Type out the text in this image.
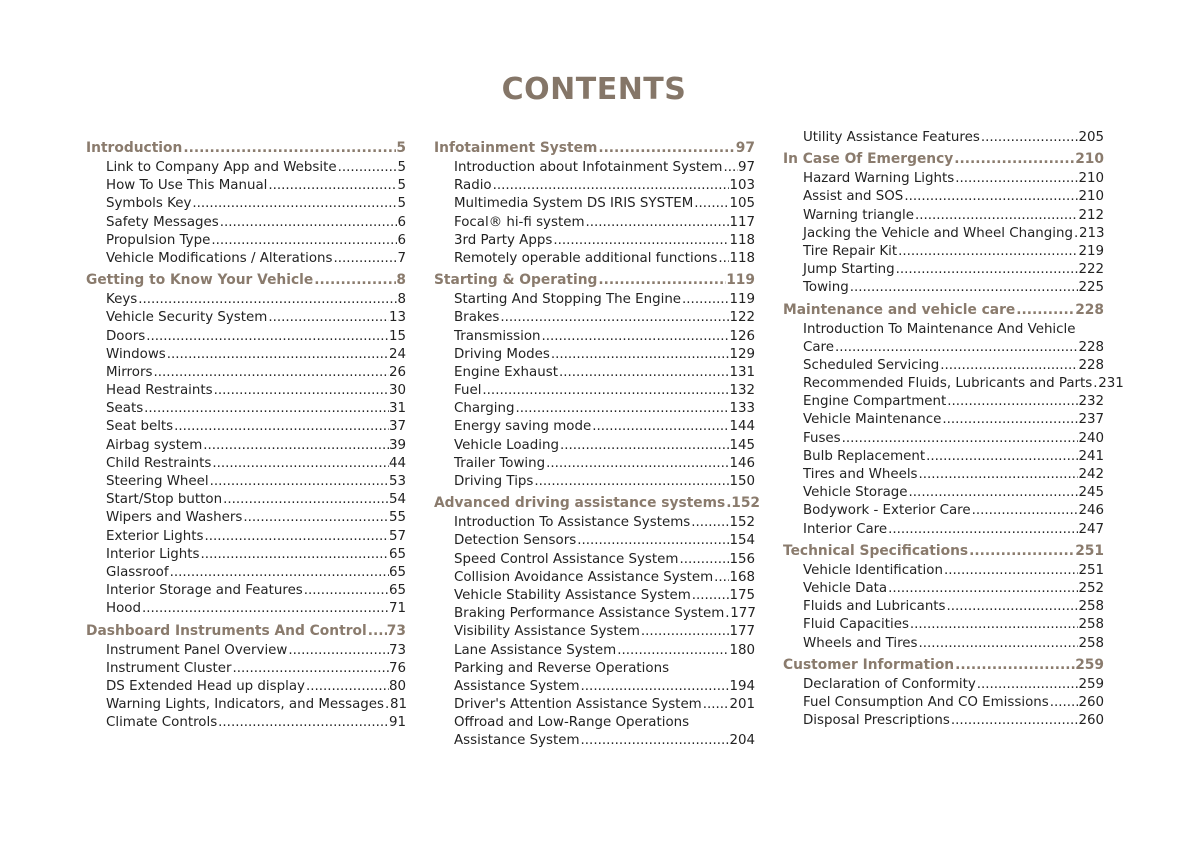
CONTENTS
Introduction .....	5
Link to Company App and Website .....	5
How To Use This Manual .....	5
Symbols Key .....	5
Safety Messages .....	6
Propulsion Type .....	6
Vehicle Modifications / Alterations .....	7
Getting to Know Your Vehicle .....	8
Keys .....	8
Vehicle Security System .....	13
Doors .....	15
Windows .....	24
Mirrors .....	26
Head Restraints .....	30
Seats .....	31
Seat belts .....	37
Airbag system .....	39
Child Restraints .....	44
Steering Wheel .....	53
Start/Stop button .....	54
Wipers and Washers .....	55
Exterior Lights .....	57
Interior Lights .....	65
Glassroof .....	65
Interior Storage and Features .....	65
Hood .....	71
Dashboard Instruments And Control ..... 73
Instrument Panel Overview .....	73
Instrument Cluster .....	76
DS Extended Head up display .....	80
Warning Lights, Indicators, and Messages ..... 81
Climate Controls .....	91
Infotainment System .....	97
Introduction about Infotainment System ..... 97
Radio .....	103
Multimedia System DS IRIS SYSTEM .....	105
Focal® hi-fi system .....	117
3rd Party Apps .....	118
Remotely operable additional functions ..... 118
Starting & Operating .....	119
Starting And Stopping The Engine .....	119
Brakes .....	122
Transmission .....	126
Driving Modes .....	129
Engine Exhaust .....	131
Fuel .....	132
Charging .....	133
Energy saving mode .....	144
Vehicle Loading .....	145
Trailer Towing .....	146
Driving Tips .....	150
Advanced driving assistance systems ..... 152
Introduction To Assistance Systems .....	152
Detection Sensors .....	154
Speed Control Assistance System .....	156
Collision Avoidance Assistance System ..... 168
Vehicle Stability Assistance System .....	175
Braking Performance Assistance System ..... 177
Visibility Assistance System .....	177
Lane Assistance System .....	180
Parking and Reverse Operations
Assistance System .....	194
Driver's Attention Assistance System ..... 201
Offroad and Low-Range Operations
Assistance System .....	204
Utility Assistance Features .....	205
In Case Of Emergency .....	210
Hazard Warning Lights .....	210
Assist and SOS .....	210
Warning triangle .....	212
Jacking the Vehicle and Wheel Changing ..... 213
Tire Repair Kit .....	219
Jump Starting .....	222
Towing .....	225
Maintenance and vehicle care .....	228
Introduction To Maintenance And Vehicle
Care .....	228
Scheduled Servicing .....	228
Recommended Fluids, Lubricants and Parts ..... 231
Engine Compartment .....	232
Vehicle Maintenance .....	237
Fuses .....	240
Bulb Replacement .....	241
Tires and Wheels .....	242
Vehicle Storage .....	245
Bodywork - Exterior Care .....	246
Interior Care .....	247
Technical Specifications .....	251
Vehicle Identification .....	251
Vehicle Data .....	252
Fluids and Lubricants .....	258
Fluid Capacities .....	258
Wheels and Tires .....	258
Customer Information .....	259
Declaration of Conformity .....	259
Fuel Consumption And CO Emissions ..... 260
Disposal Prescriptions .....	260
